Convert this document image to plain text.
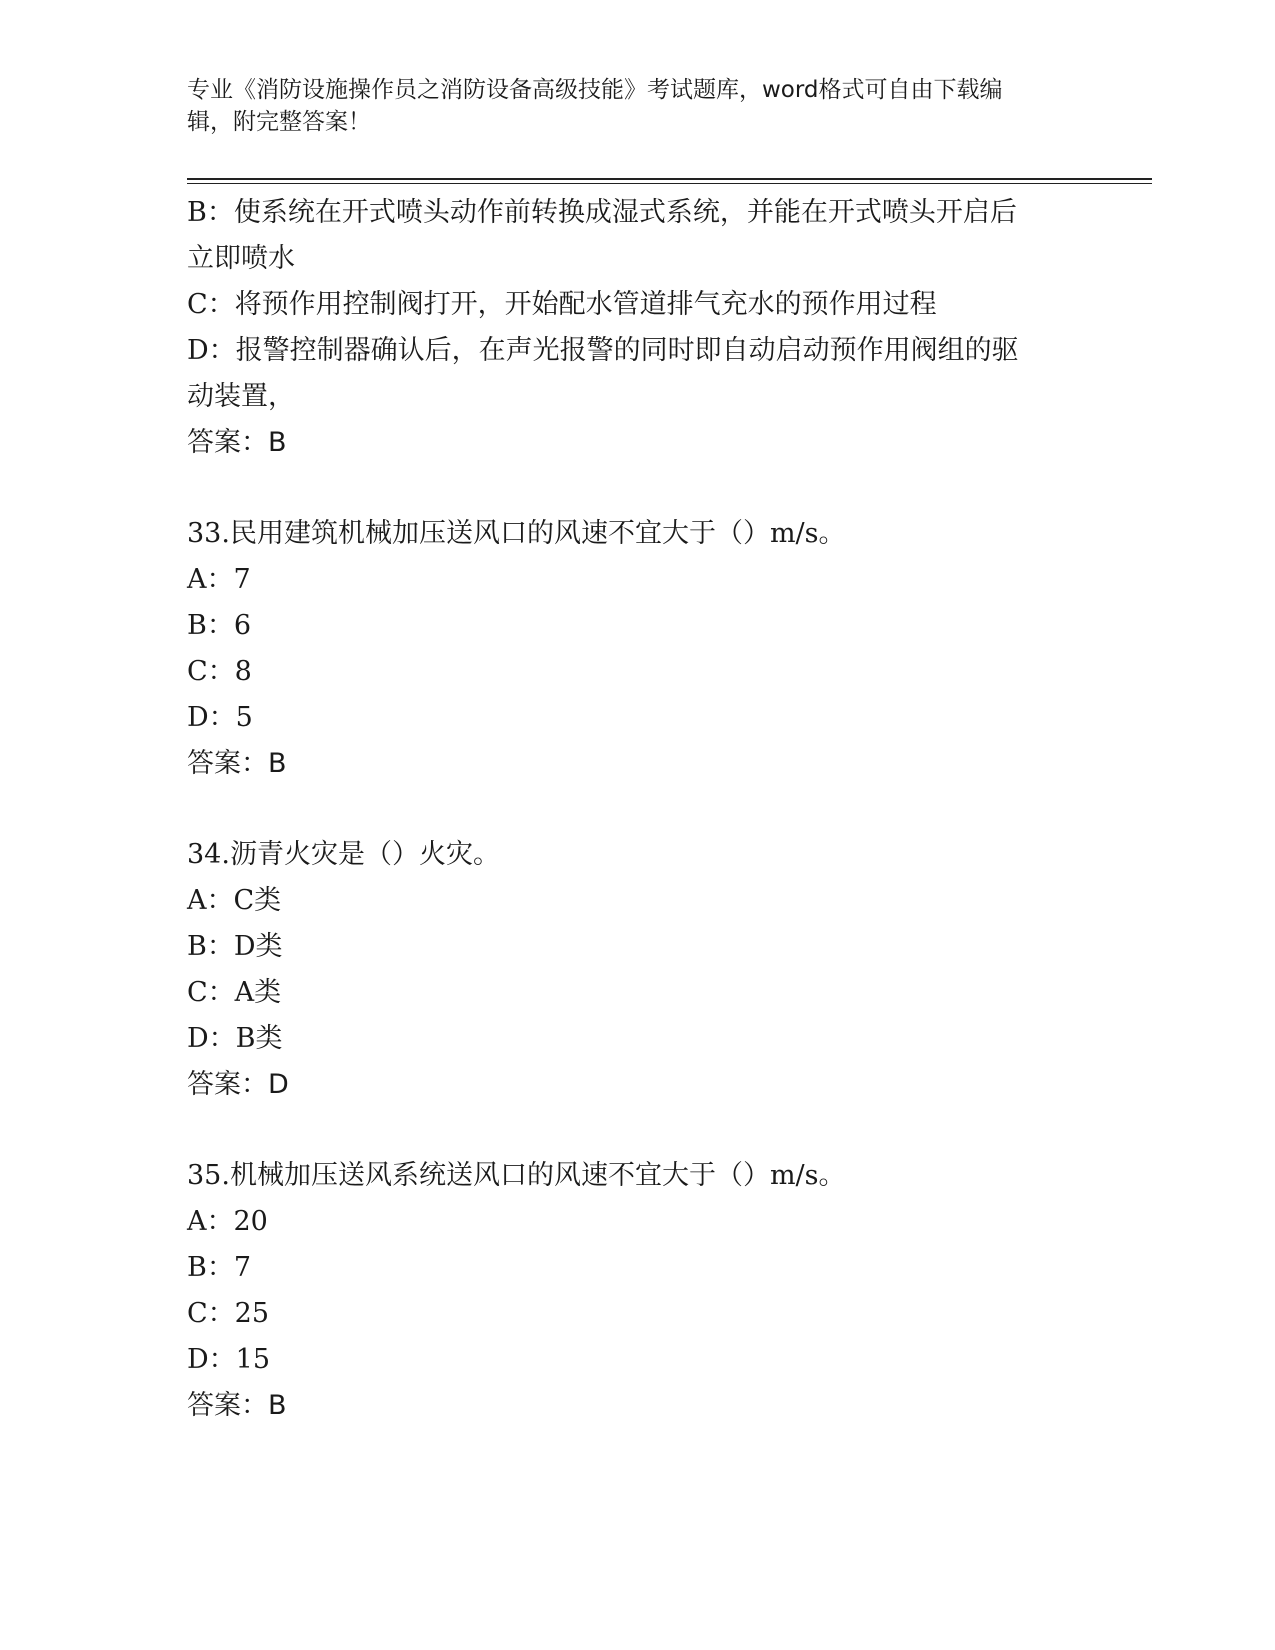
专业《消防设施操作员之消防设备高级技能》考试题库，word格式可自由下载编
辑，附完整答案！

B：使系统在开式喷头动作前转换成湿式系统，并能在开式喷头开启后

立即喷水

C：将预作用控制阀打开，开始配水管道排气充水的预作用过程

D：报警控制器确认后，在声光报警的同时即自动启动预作用阀组的驱

动装置，

答案：B

33.民用建筑机械加压送风口的风速不宜大于（）m/s。

A：7

B：6

C：8

D：5

答案：B

34.沥青火灾是（）火灾。

A：C类

B：D类

C：A类

D：B类

答案：D

35.机械加压送风系统送风口的风速不宜大于（）m/s。

A：20

B：7

C：25

D：15

答案：B
